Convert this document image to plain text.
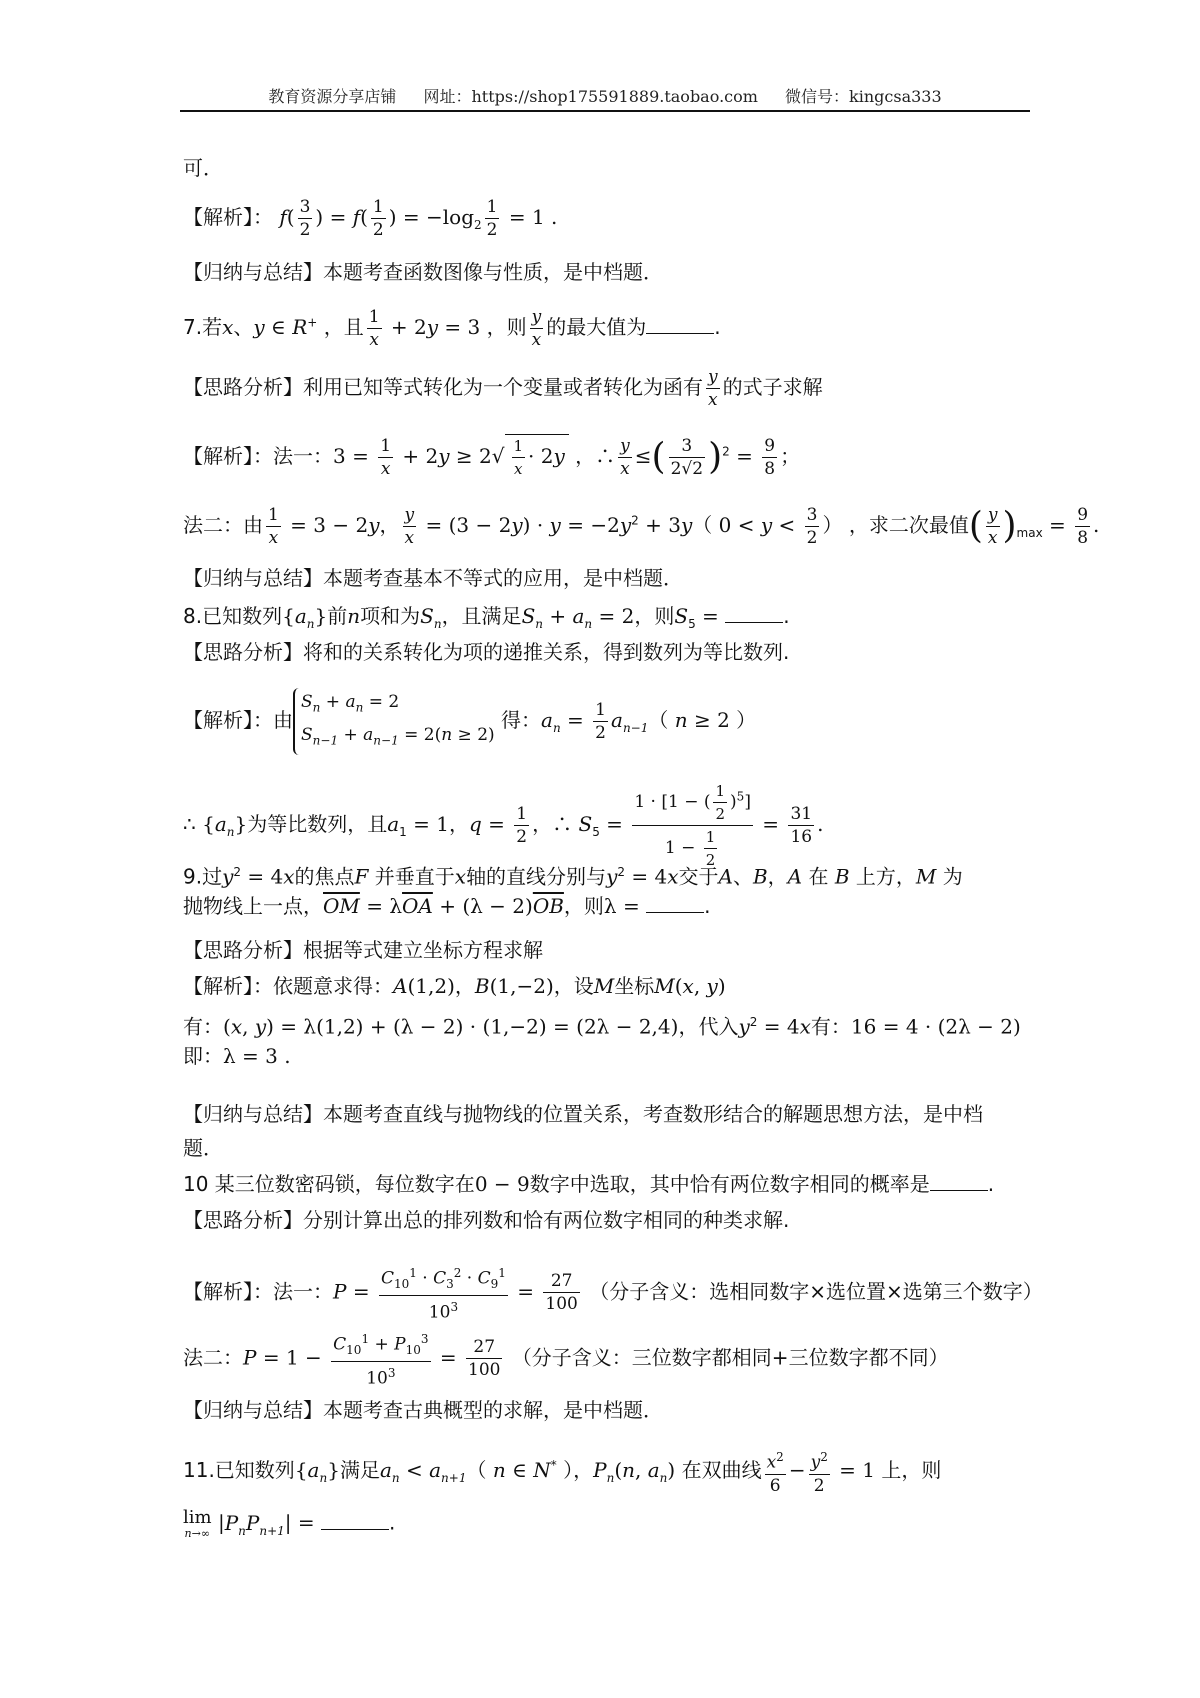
教育资源分享店铺 网址：https://shop175591889.taobao.com 微信号：kingcsa333
可．
【解析】： $f( \frac{3}{2}$ ) = $f( \frac{1}{2}$ ) = $-\log_2 \frac{1}{2} = 1$ .
【归纳与总结】本题考查函数图像与性质，是中档题．
7.若x、y ∈ R+ ，且 $\frac{1}{x} + 2y = 3$ ，则 $\frac{y}{x}$ 的最大值为	.
【思路分析】利用已知等式转化为一个变量或者转化为函有 $\frac{y}{x}$ 的式子求解
【解析】：法一：$3 = \frac{1}{x} + 2y \ge 2√ \frac{1}{x} \cdot 2y$ ，∴ $\frac{y}{x}$ ≤( $\frac{3}{2√2} )^2 = \frac{9}{8}$ ；
法二：由 $\frac{1}{x} = 3 - 2y$， $\frac{y}{x} = (3 - 2y) \cdot y = -2y^2 + 3y$（ $0 < y < \frac{3}{2}$ ） ，求二次最值( $\frac{y}{x} )_{max} = \frac{9}{8}$ .
【归纳与总结】本题考查基本不等式的应用，是中档题．
8.已知数列$\{a_n\}$前n项和为$S_n$，且满足$S_n + a_n = 2$，则$S_5$ =	.
【思路分析】将和的关系转化为项的递推关系，得到数列为等比数列.
【解析】：由
$S_n + a_n = 2$
$S_{n-1} + a_{n-1} = 2(n \ge 2)$
得：$a_n = \frac{1}{2} a_{n-1}$（ n ≥ 2 ）
∴ $\{a_n\}$为等比数列，且$a_1 = 1$，$q = \frac{1}{2}$ ，∴ $S_5 = \frac{1 \cdot [1 - ( \frac{1}{2} )^5]}{1 - \frac{1}{2}} = \frac{31}{16}$ .
9.过$y^2 = 4x$的焦点F 并垂直于x轴的直线分别与$y^2 = 4x$交于A、B，A 在 B 上方，M 为
抛物线上一点，$\overline{OM} = \lambda\overline{OA} + (\lambda - 2)\overline{OB}$，则λ =	.
【思路分析】根据等式建立坐标方程求解
【解析】：依题意求得：A(1,2)，B(1,−2)，设M坐标M(x, y)
有：(x, y) = λ(1,2) + (λ − 2) · (1,−2) = (2λ − 2,4)，代入$y^2 = 4x$有：16 = 4 · (2λ − 2)
即：λ = 3 .
【归纳与总结】本题考查直线与抛物线的位置关系，考查数形结合的解题思想方法，是中档
题．
10 某三位数密码锁，每位数字在0 − 9数字中选取，其中恰有两位数字相同的概率是	.
【思路分析】分别计算出总的排列数和恰有两位数字相同的种类求解.
【解析】：法一：$P = \frac{C_{10}^1 \cdot C_3^2 \cdot C_9^1}{10^3} = \frac{27}{100}$ （分子含义：选相同数字×选位置×选第三个数字）
法二：$P = 1 - \frac{C_{10}^1 + P_{10}^3}{10^3} = \frac{27}{100}$ （分子含义：三位数字都相同+三位数字都不同）
【归纳与总结】本题考查古典概型的求解，是中档题．
11.已知数列$\{a_n\}$满足$a_n < a_{n+1}$（ n ∈ N* ），$P_n(n$, $a_n$) 在双曲线 $\frac{x^2}{6} - \frac{y^2}{2} = 1$ 上，则
lim
n→∞ $|P_nP_{n+1}|$ =	.
